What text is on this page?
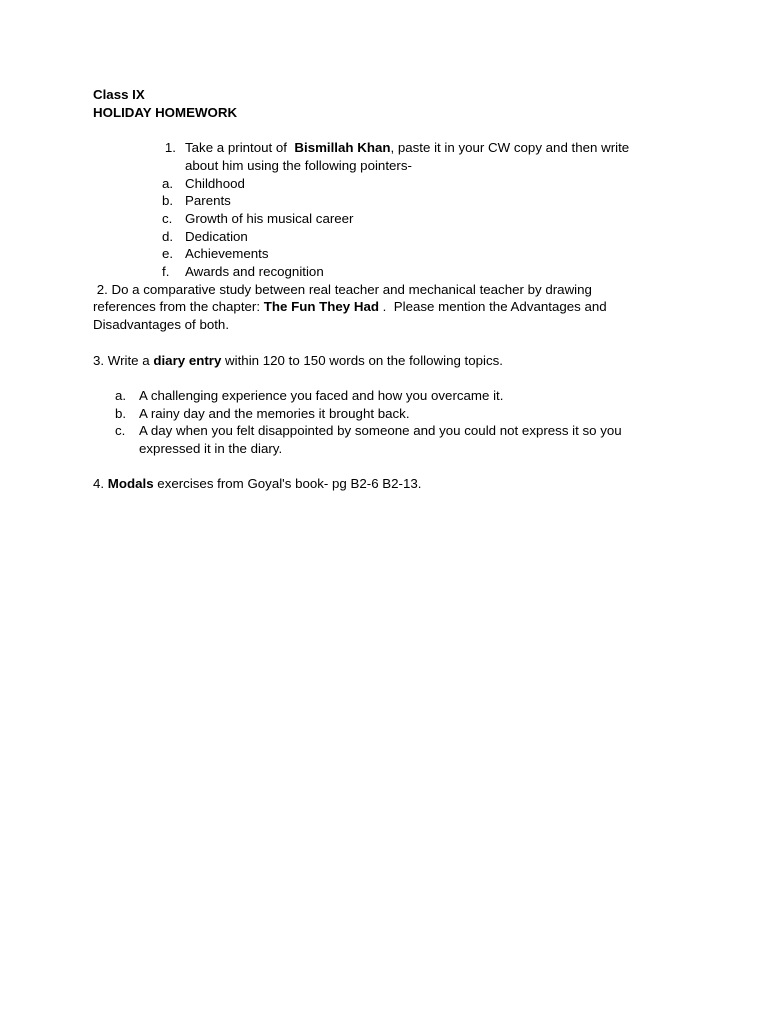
Class IX
HOLIDAY HOMEWORK
1. Take a printout of  Bismillah Khan, paste it in your CW copy and then write
about him using the following pointers-
a. Childhood
b. Parents
c. Growth of his musical career
d. Dedication
e. Achievements
f. Awards and recognition
2. Do a comparative study between real teacher and mechanical teacher by drawing
references from the chapter: The Fun They Had .  Please mention the Advantages and
Disadvantages of both.
3. Write a diary entry within 120 to 150 words on the following topics.
a. A challenging experience you faced and how you overcame it.
b. A rainy day and the memories it brought back.
c. A day when you felt disappointed by someone and you could not express it so you
expressed it in the diary.
4. Modals exercises from Goyal's book- pg B2-6 B2-13.
